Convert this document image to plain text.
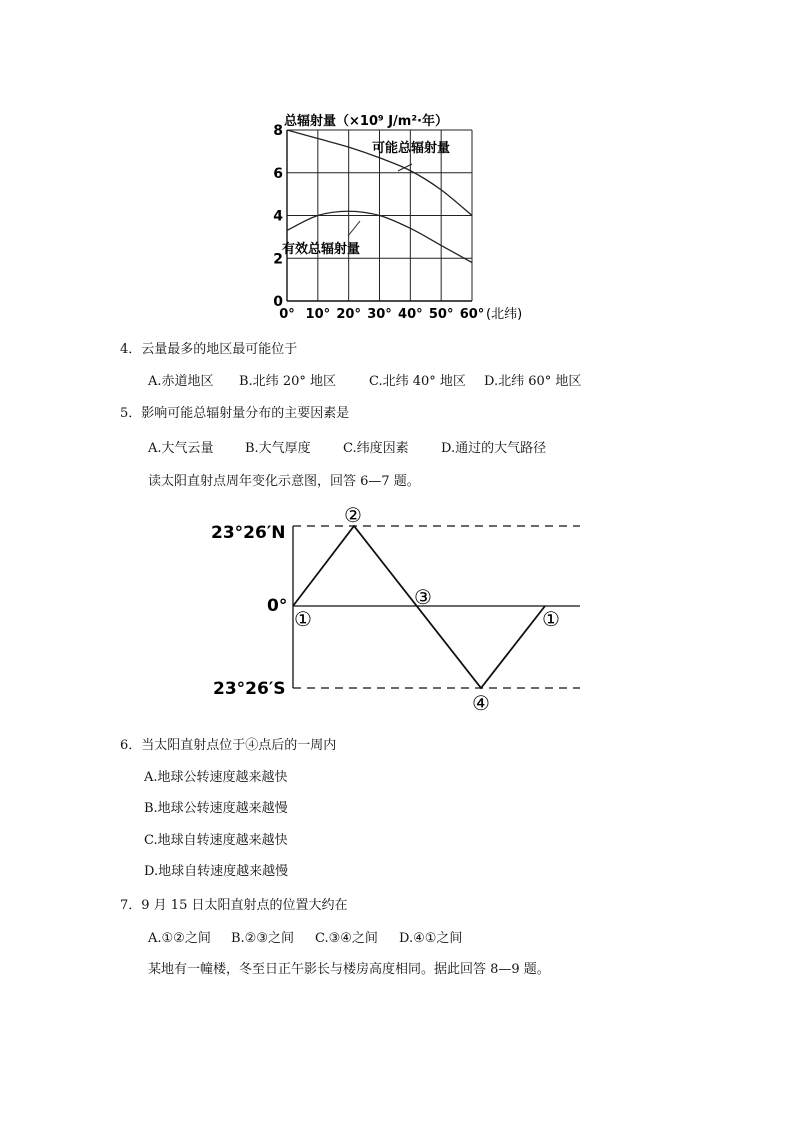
总辐射量（×10⁹ J/m²·年）
0
2
4
6
8
0° 10° 20° 30° 40° 50° 60° (北纬)
可能总辐射量
有效总辐射量
4．云量最多的地区最可能位于
A.赤道地区 B.北纬 20° 地区	C.北纬 40° 地区 D.北纬 60° 地区
5．影响可能总辐射量分布的主要因素是
A.大气云量 B.大气厚度 C.纬度因素 D.通过的大气路径
读太阳直射点周年变化示意图，回答 6—7 题。
23°26′N
0°
23°26′S
①
②
③
④
①
6．当太阳直射点位于④点后的一周内
A.地球公转速度越来越快
B.地球公转速度越来越慢
C.地球自转速度越来越快
D.地球自转速度越来越慢
7．9 月 15 日太阳直射点的位置大约在
A.①②之间 B.②③之间 C.③④之间 D.④①之间
某地有一幢楼，冬至日正午影长与楼房高度相同。据此回答 8—9 题。
